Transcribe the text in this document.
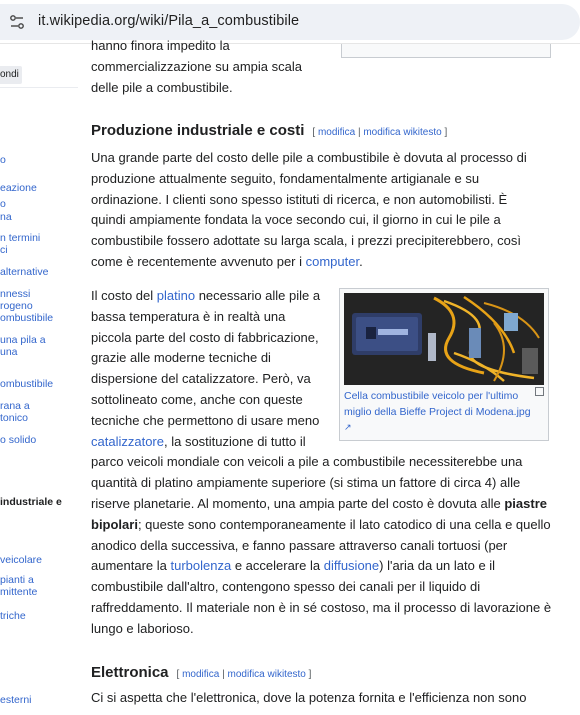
it.wikipedia.org/wiki/Pila_a_combustibile
ondi
o
eazione
o
na
n termini
ci
alternative
nnessi
rogeno
ombustibile
una pila a
una
ombustibile
rana a
tonico
o solido
industriale e
veicolare
pianti a
mittente
triche
esterni

hanno finora impedito la
commercializzazione su ampia scala
delle pile a combustibile.

Produzione industriale e costi [ modifica | modifica wikitesto ]

Una grande parte del costo delle pile a combustibile è dovuta al processo di produzione attualmente seguito, fondamentalmente artigianale e su ordinazione. I clienti sono spesso istituti di ricerca, e non automobilisti. È quindi ampiamente fondata la voce secondo cui, il giorno in cui le pile a combustibile fossero adottate su larga scala, i prezzi precipiterebbero, così come è recentemente avvenuto per i computer.

Cella combustibile veicolo per l'ultimo miglio della Bieffe Project di Modena.jpg ↗

Il costo del platino necessario alle pile a bassa temperatura è in realtà una piccola parte del costo di fabbricazione, grazie alle moderne tecniche di dispersione del catalizzatore. Però, va sottolineato come, anche con queste tecniche che permettono di usare meno catalizzatore, la sostituzione di tutto il parco veicoli mondiale con veicoli a pile a combustibile necessiterebbe una quantità di platino ampiamente superiore (si stima un fattore di circa 4) alle riserve planetarie. Al momento, una ampia parte del costo è dovuta alle piastre bipolari; queste sono contemporaneamente il lato catodico di una cella e quello anodico della successiva, e fanno passare attraverso canali tortuosi (per aumentare la turbolenza e accelerare la diffusione) l'aria da un lato e il combustibile dall'altro, contengono spesso dei canali per il liquido di raffreddamento. Il materiale non è in sé costoso, ma il processo di lavorazione è lungo e laborioso.

Elettronica [ modifica | modifica wikitesto ]

Ci si aspetta che l'elettronica, dove la potenza fornita e l'efficienza non sono
